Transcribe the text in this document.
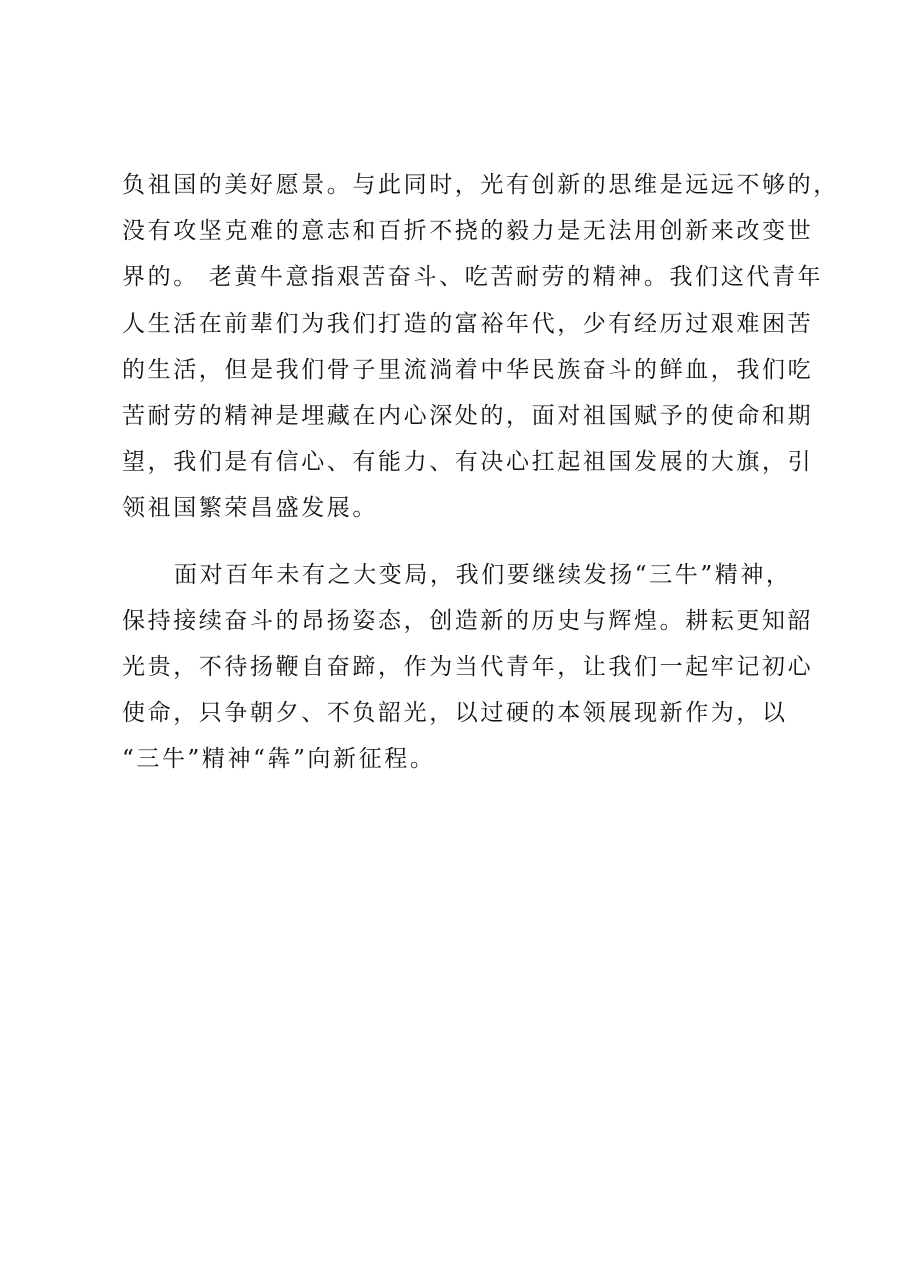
负祖国的美好愿景。与此同时，光有创新的思维是远远不够的，
没有攻坚克难的意志和百折不挠的毅力是无法用创新来改变世
界的。 老黄牛意指艰苦奋斗、吃苦耐劳的精神。我们这代青年
人生活在前辈们为我们打造的富裕年代，少有经历过艰难困苦
的生活，但是我们骨子里流淌着中华民族奋斗的鲜血，我们吃
苦耐劳的精神是埋藏在内心深处的，面对祖国赋予的使命和期
望，我们是有信心、有能力、有决心扛起祖国发展的大旗，引
领祖国繁荣昌盛发展。
面对百年未有之大变局，我们要继续发扬“三牛”精神，
保持接续奋斗的昂扬姿态，创造新的历史与辉煌。耕耘更知韶
光贵，不待扬鞭自奋蹄，作为当代青年，让我们一起牢记初心
使命，只争朝夕、不负韶光，以过硬的本领展现新作为，以
“三牛”精神“犇”向新征程。
